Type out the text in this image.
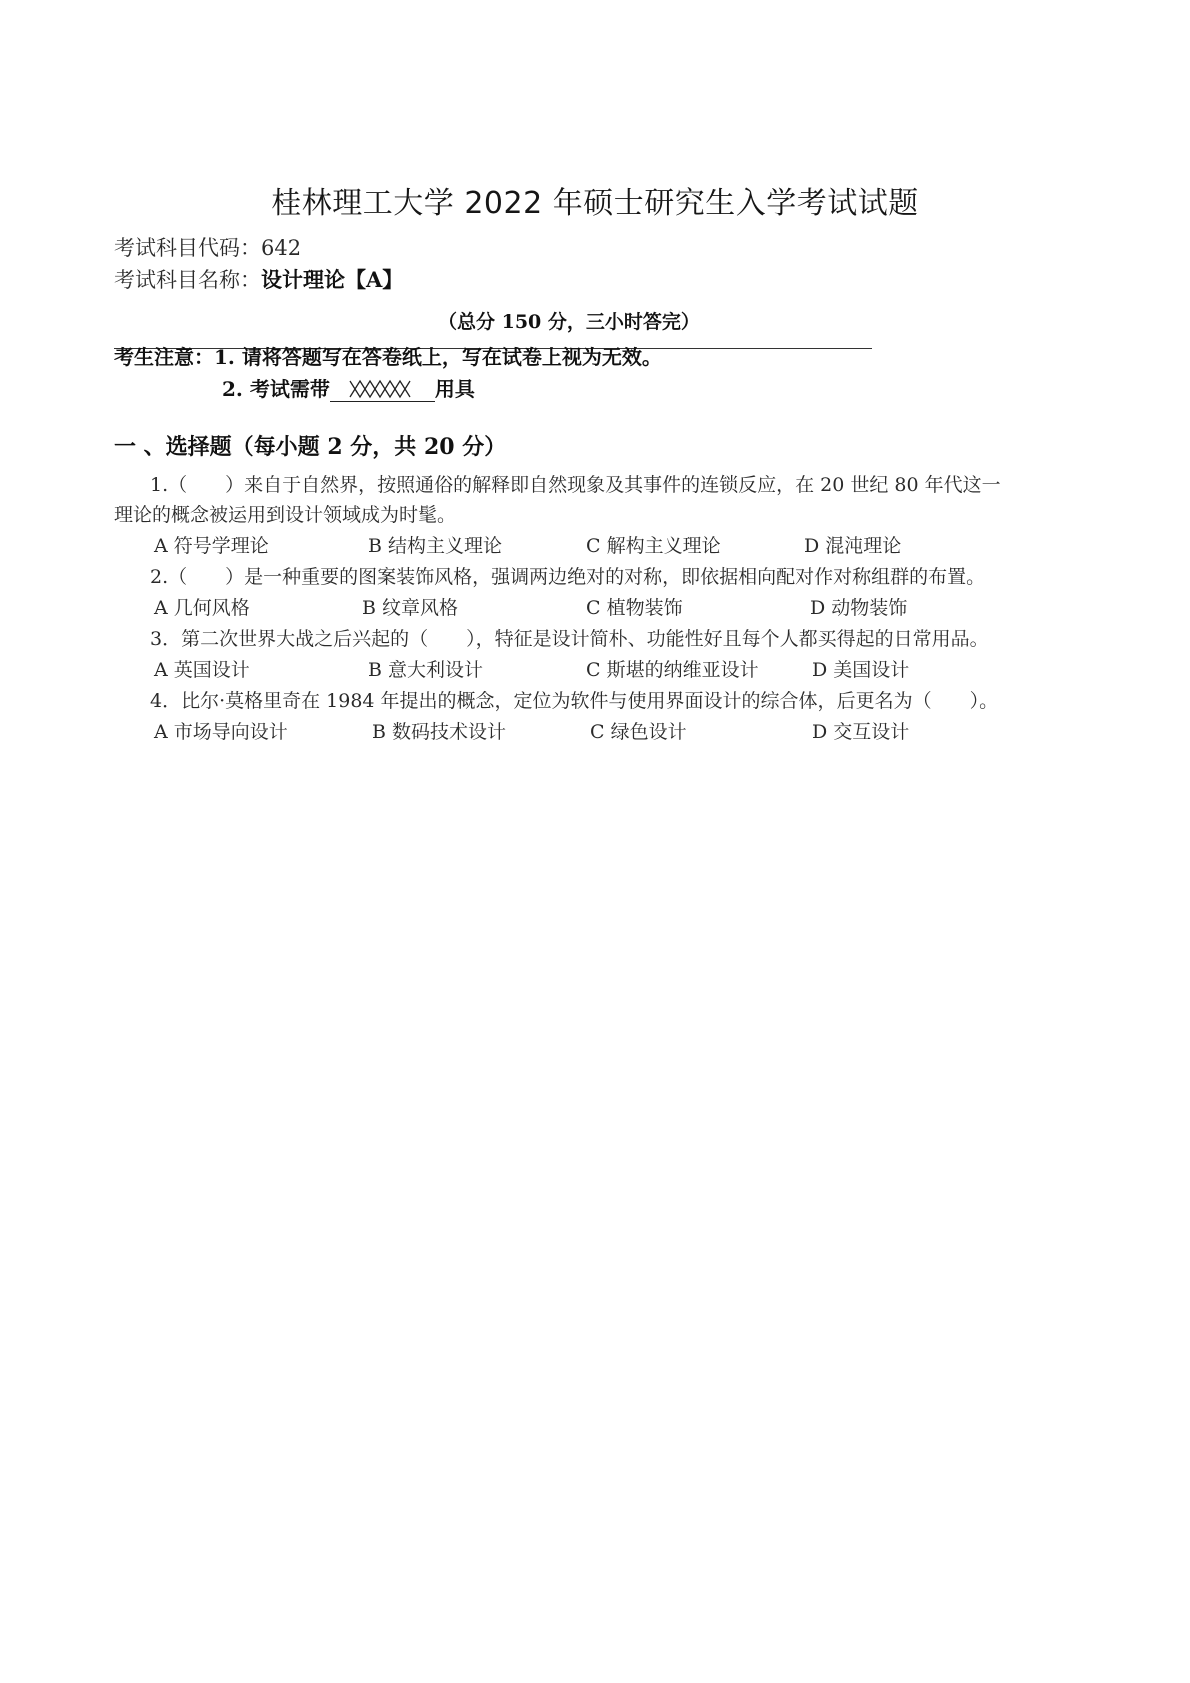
桂林理工大学 2022 年硕士研究生入学考试试题
考试科目代码：642
考试科目名称：设计理论【A】
（总分 150 分，三小时答完）
考生注意：1. 请将答题写在答卷纸上，写在试卷上视为无效。
2. 考试需带	用具
一 、选择题（每小题 2 分，共 20 分）
1.（　　）来自于自然界，按照通俗的解释即自然现象及其事件的连锁反应，在 20 世纪 80 年代这一
理论的概念被运用到设计领域成为时髦。
A 符号学理论	B 结构主义理论	C 解构主义理论	D 混沌理论
2.（　　）是一种重要的图案装饰风格，强调两边绝对的对称，即依据相向配对作对称组群的布置。
A 几何风格	B 纹章风格	C 植物装饰	D 动物装饰
3．第二次世界大战之后兴起的（　　），特征是设计简朴、功能性好且每个人都买得起的日常用品。
A 英国设计	B 意大利设计	C 斯堪的纳维亚设计	D 美国设计
4．比尔·莫格里奇在 1984 年提出的概念，定位为软件与使用界面设计的综合体，后更名为（　　）。
A 市场导向设计	B 数码技术设计	C 绿色设计	D 交互设计
